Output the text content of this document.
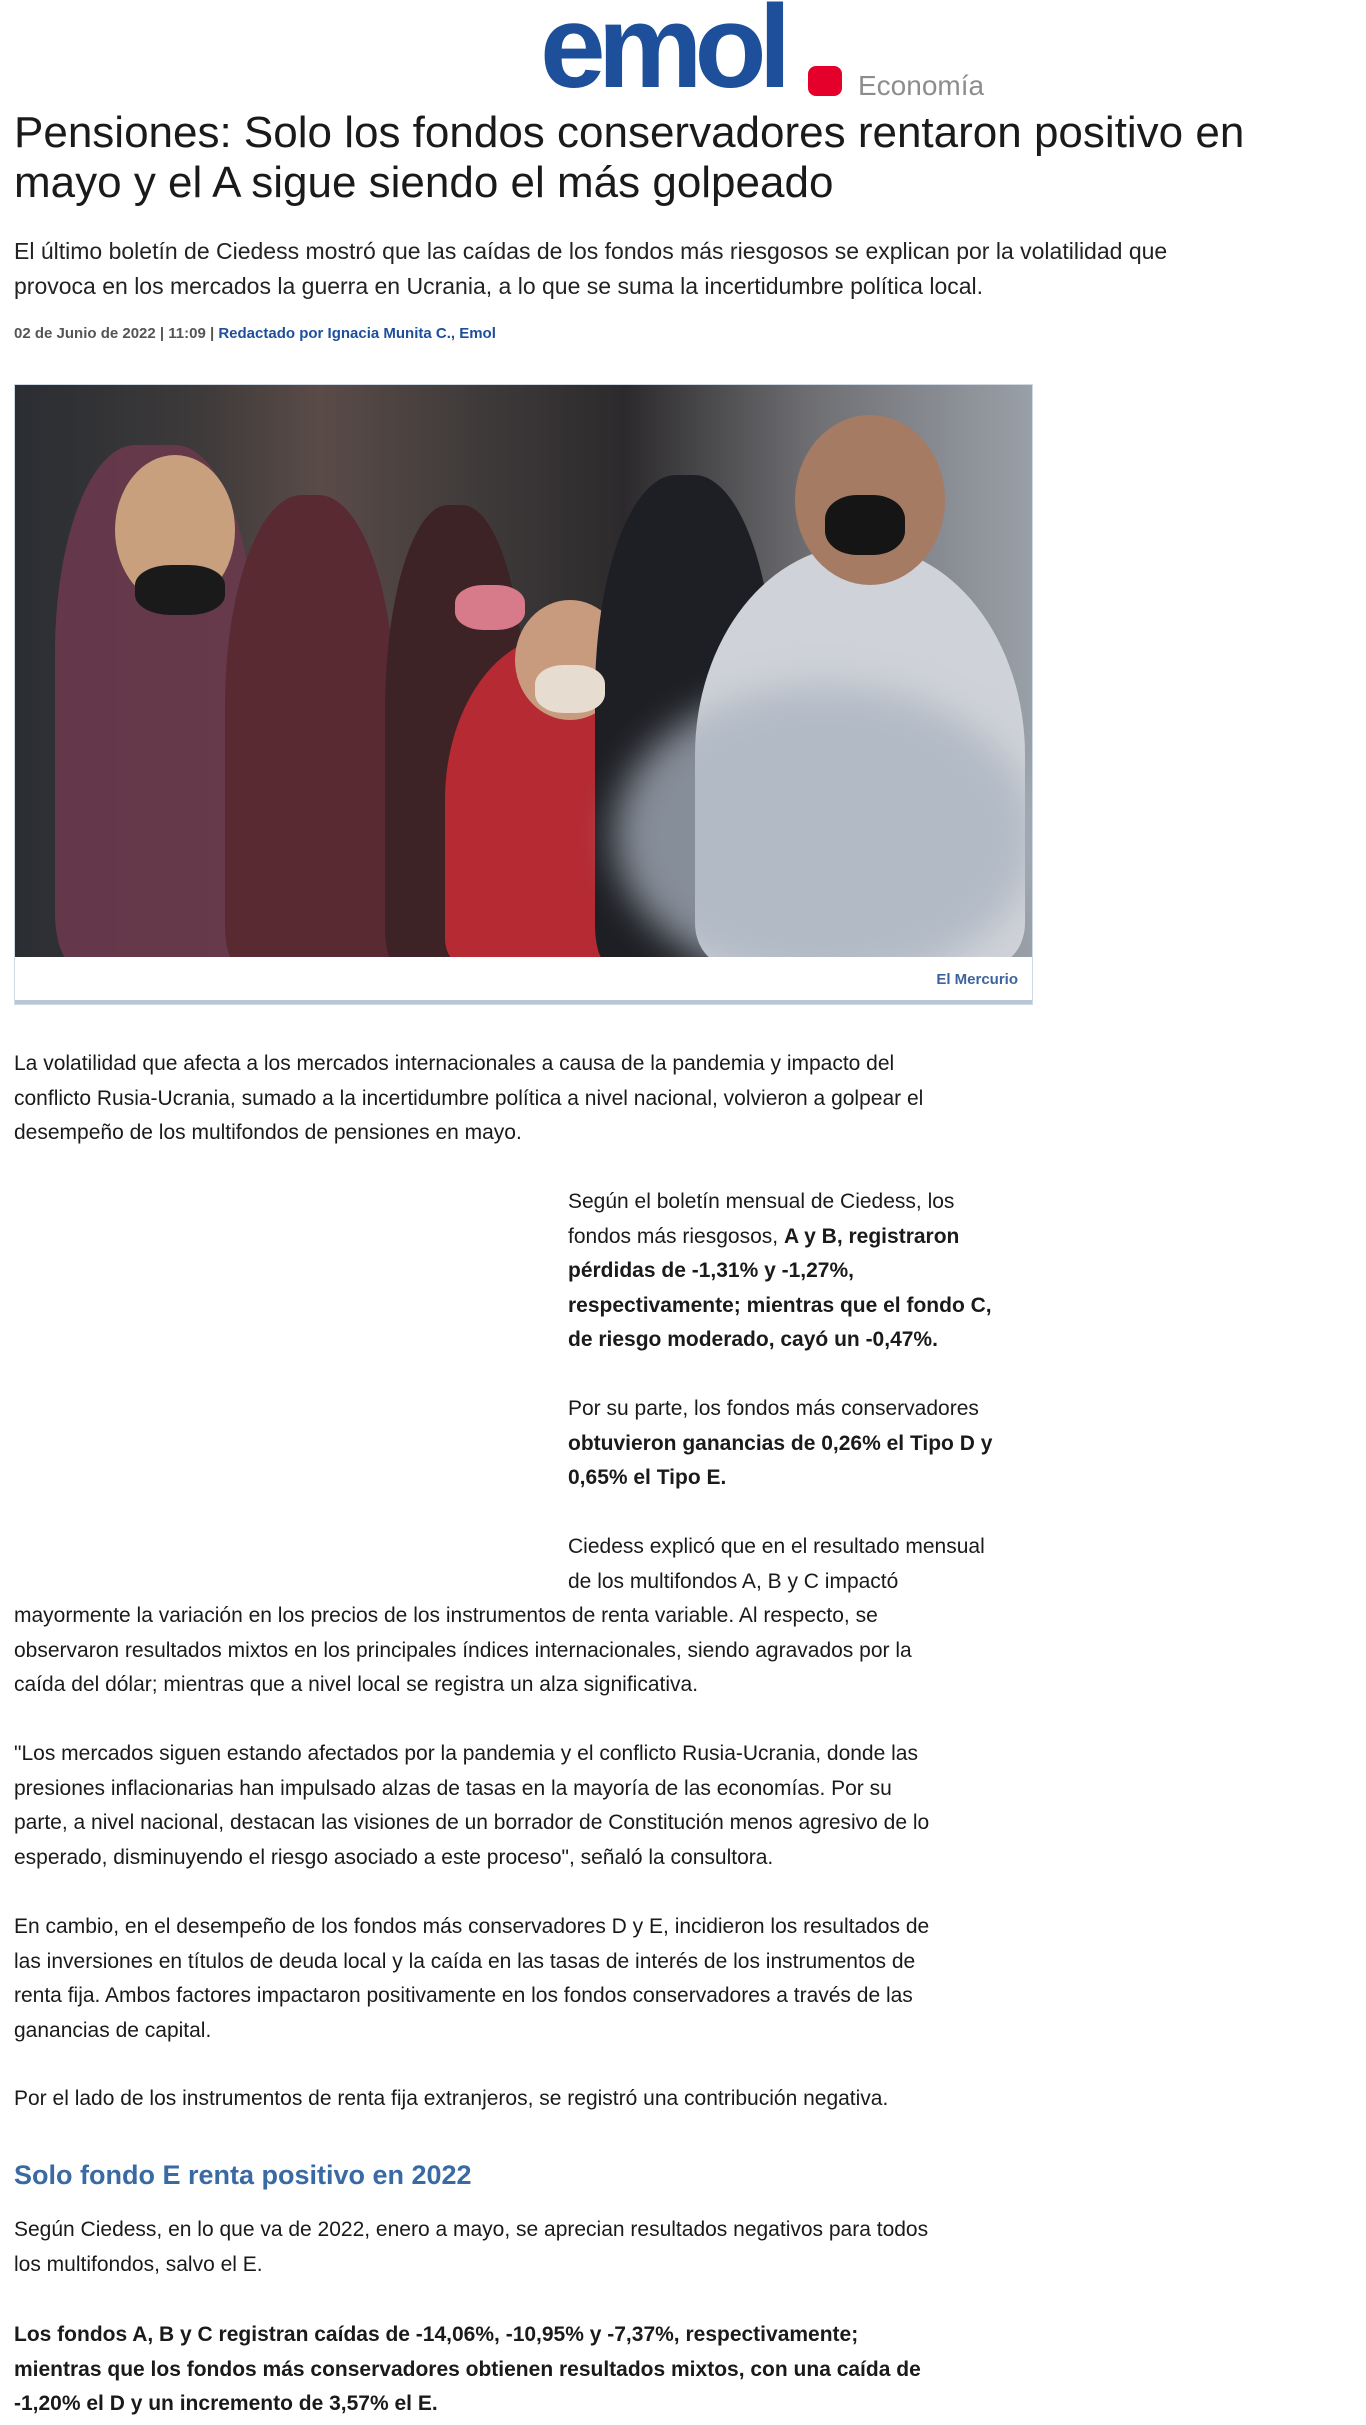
emol	Economía
Pensiones: Solo los fondos conservadores rentaron positivo en
mayo y el A sigue siendo el más golpeado

El último boletín de Ciedess mostró que las caídas de los fondos más riesgosos se explican por la volatilidad que
provoca en los mercados la guerra en Ucrania, a lo que se suma la incertidumbre política local.

02 de Junio de 2022 | 11:09 | Redactado por Ignacia Munita C., Emol
El Mercurio

La volatilidad que afecta a los mercados internacionales a causa de la pandemia y impacto del
conflicto Rusia-Ucrania, sumado a la incertidumbre política a nivel nacional, volvieron a golpear el
desempeño de los multifondos de pensiones en mayo.

Según el boletín mensual de Ciedess, los
fondos más riesgosos, A y B, registraron
pérdidas de -1,31% y -1,27%,
respectivamente; mientras que el fondo C,
de riesgo moderado, cayó un -0,47%.

Por su parte, los fondos más conservadores
obtuvieron ganancias de 0,26% el Tipo D y
0,65% el Tipo E.

Ciedess explicó que en el resultado mensual
de los multifondos A, B y C impactó

mayormente la variación en los precios de los instrumentos de renta variable. Al respecto, se
observaron resultados mixtos en los principales índices internacionales, siendo agravados por la
caída del dólar; mientras que a nivel local se registra un alza significativa.

"Los mercados siguen estando afectados por la pandemia y el conflicto Rusia-Ucrania, donde las
presiones inflacionarias han impulsado alzas de tasas en la mayoría de las economías. Por su
parte, a nivel nacional, destacan las visiones de un borrador de Constitución menos agresivo de lo
esperado, disminuyendo el riesgo asociado a este proceso", señaló la consultora.

En cambio, en el desempeño de los fondos más conservadores D y E, incidieron los resultados de
las inversiones en títulos de deuda local y la caída en las tasas de interés de los instrumentos de
renta fija. Ambos factores impactaron positivamente en los fondos conservadores a través de las
ganancias de capital.

Por el lado de los instrumentos de renta fija extranjeros, se registró una contribución negativa.

Solo fondo E renta positivo en 2022

Según Ciedess, en lo que va de 2022, enero a mayo, se aprecian resultados negativos para todos
los multifondos, salvo el E.

Los fondos A, B y C registran caídas de -14,06%, -10,95% y -7,37%, respectivamente;
mientras que los fondos más conservadores obtienen resultados mixtos, con una caída de
-1,20% el D y un incremento de 3,57% el E.
